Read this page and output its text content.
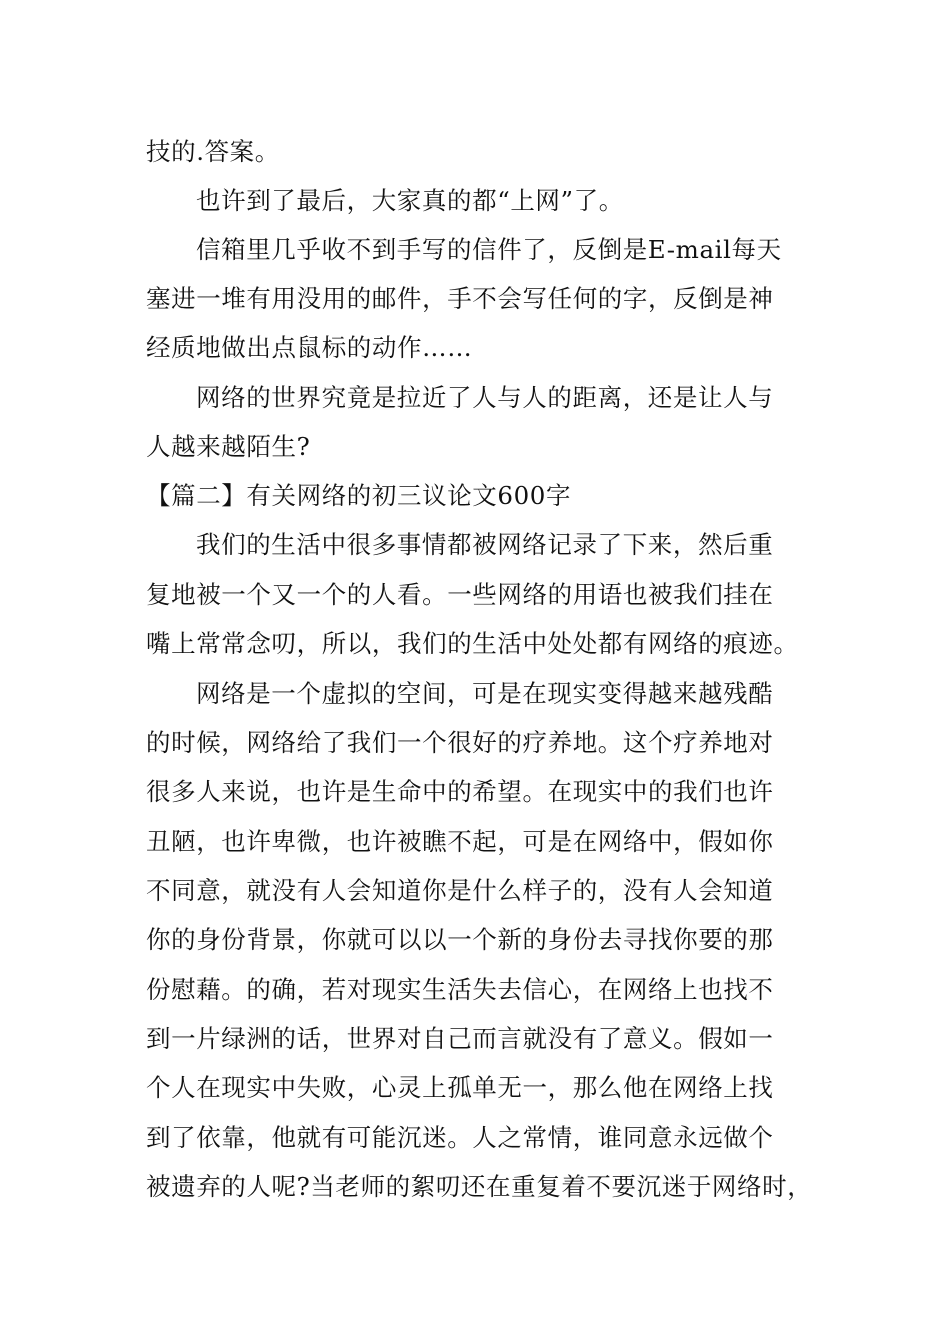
技的.答案。
也许到了最后，大家真的都“上网”了。
信箱里几乎收不到手写的信件了，反倒是E-mail每天
塞进一堆有用没用的邮件，手不会写任何的字，反倒是神
经质地做出点鼠标的动作……
网络的世界究竟是拉近了人与人的距离，还是让人与
人越来越陌生?
【篇二】有关网络的初三议论文600字
我们的生活中很多事情都被网络记录了下来，然后重
复地被一个又一个的人看。一些网络的用语也被我们挂在
嘴上常常念叨，所以，我们的生活中处处都有网络的痕迹。
网络是一个虚拟的空间，可是在现实变得越来越残酷
的时候，网络给了我们一个很好的疗养地。这个疗养地对
很多人来说，也许是生命中的希望。在现实中的我们也许
丑陋，也许卑微，也许被瞧不起，可是在网络中，假如你
不同意，就没有人会知道你是什么样子的，没有人会知道
你的身份背景，你就可以以一个新的身份去寻找你要的那
份慰藉。的确，若对现实生活失去信心，在网络上也找不
到一片绿洲的话，世界对自己而言就没有了意义。假如一
个人在现实中失败，心灵上孤单无一，那么他在网络上找
到了依靠，他就有可能沉迷。人之常情，谁同意永远做个
被遗弃的人呢?当老师的絮叨还在重复着不要沉迷于网络时，
